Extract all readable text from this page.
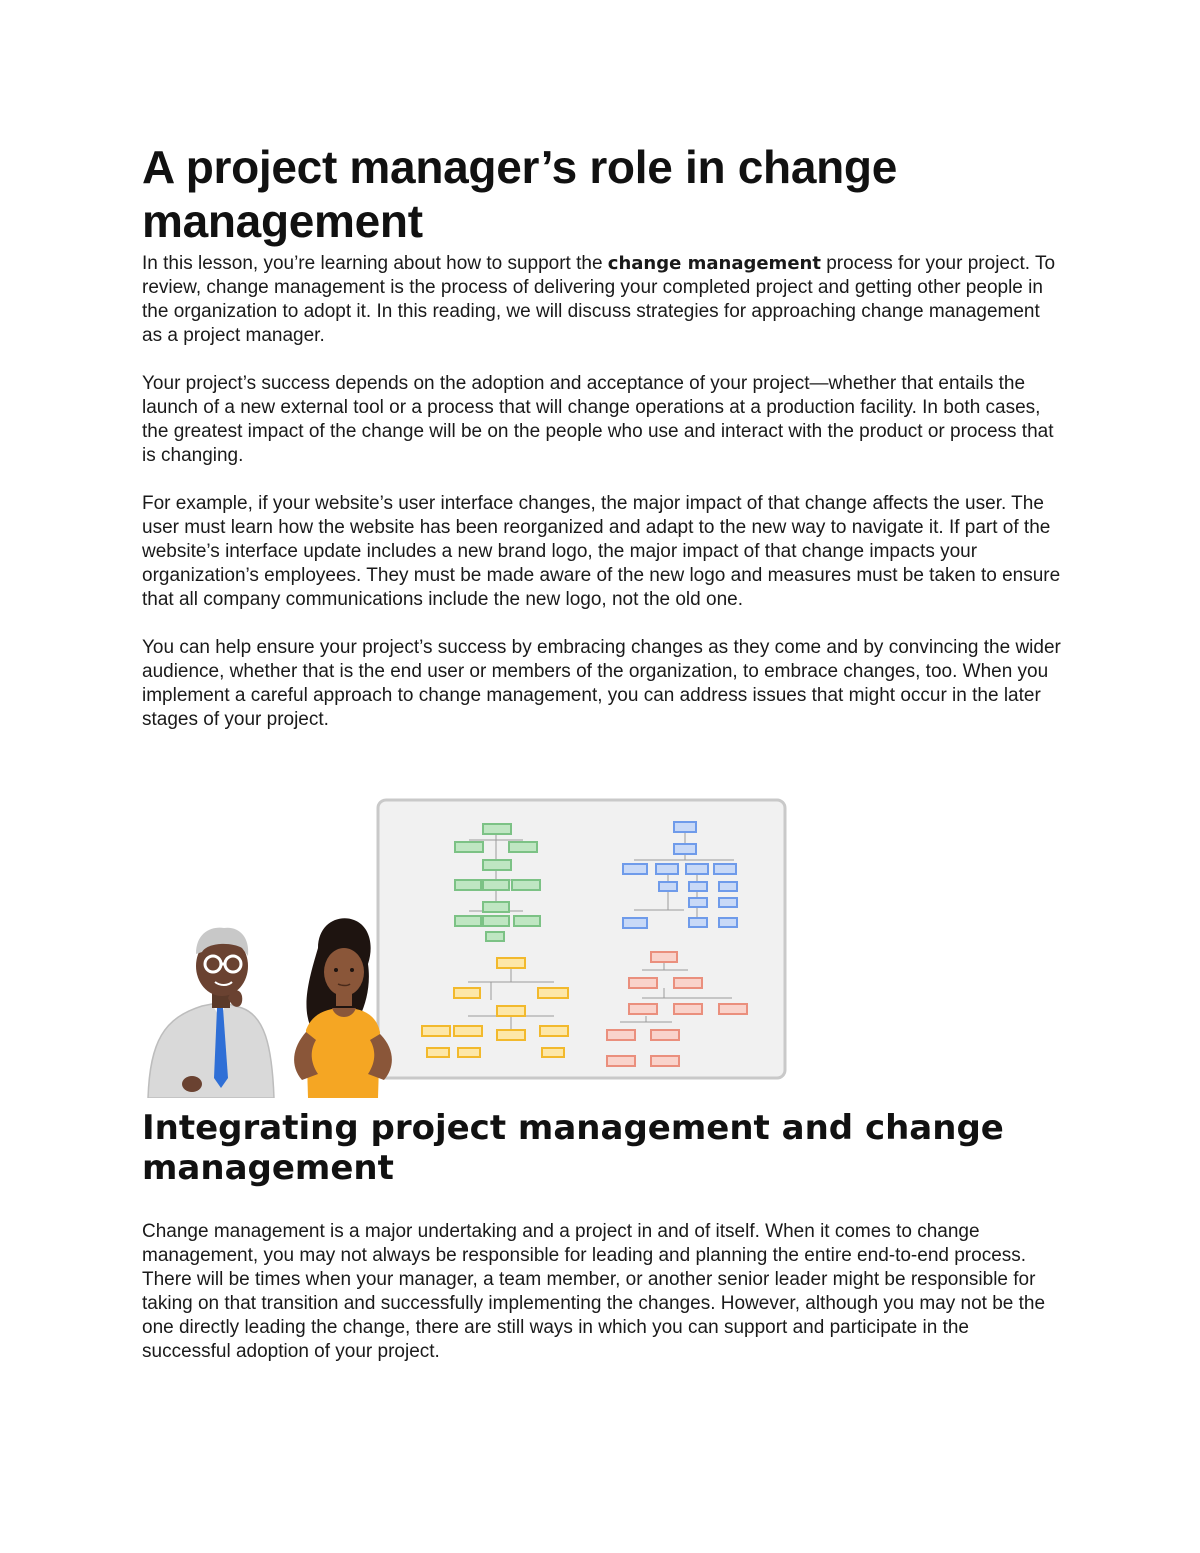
A project manager’s role in change management

In this lesson, you’re learning about how to support the change management process for your project. To review, change management is the process of delivering your completed project and getting other people in the organization to adopt it. In this reading, we will discuss strategies for approaching change management as a project manager.

Your project’s success depends on the adoption and acceptance of your project—whether that entails the launch of a new external tool or a process that will change operations at a production facility. In both cases, the greatest impact of the change will be on the people who use and interact with the product or process that is changing.

For example, if your website’s user interface changes, the major impact of that change affects the user. The user must learn how the website has been reorganized and adapt to the new way to navigate it. If part of the website’s interface update includes a new brand logo, the major impact of that change impacts your organization’s employees. They must be made aware of the new logo and measures must be taken to ensure that all company communications include the new logo, not the old one.

You can help ensure your project’s success by embracing changes as they come and by convincing the wider audience, whether that is the end user or members of the organization, to embrace changes, too. When you implement a careful approach to change management, you can address issues that might occur in the later stages of your project.

Integrating project management and change management

Change management is a major undertaking and a project in and of itself. When it comes to change management, you may not always be responsible for leading and planning the entire end-to-end process. There will be times when your manager, a team member, or another senior leader might be responsible for taking on that transition and successfully implementing the changes. However, although you may not be the one directly leading the change, there are still ways in which you can support and participate in the successful adoption of your project.
